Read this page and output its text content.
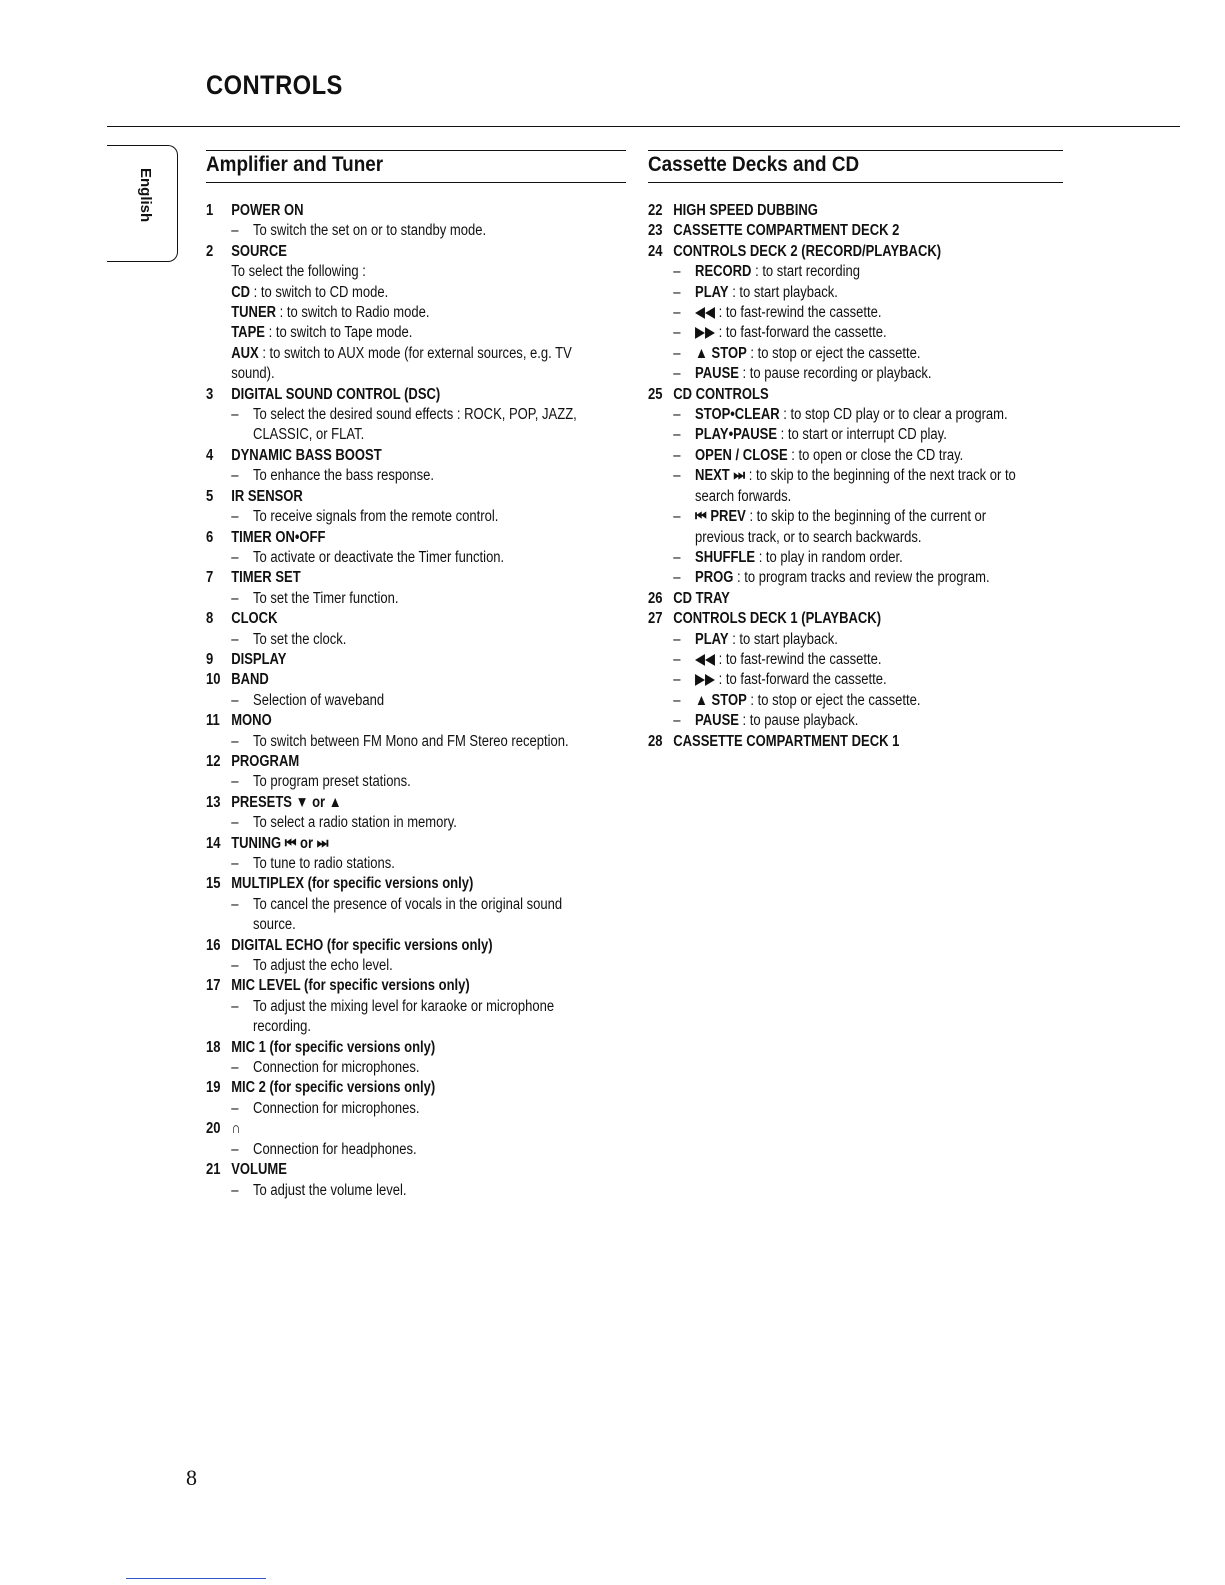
CONTROLS
English
Amplifier and Tuner
1 POWER ON
– To switch the set on or to standby mode.
2 SOURCE
To select the following :
CD : to switch to CD mode.
TUNER : to switch to Radio mode.
TAPE : to switch to Tape mode.
AUX : to switch to AUX mode (for external sources, e.g. TV
sound).
3 DIGITAL SOUND CONTROL (DSC)
– To select the desired sound effects : ROCK, POP, JAZZ,
CLASSIC, or FLAT.
4 DYNAMIC BASS BOOST
– To enhance the bass response.
5 IR SENSOR
– To receive signals from the remote control.
6 TIMER ON•OFF
– To activate or deactivate the Timer function.
7 TIMER SET
– To set the Timer function.
8 CLOCK
– To set the clock.
9 DISPLAY
10 BAND
– Selection of waveband
11 MONO
– To switch between FM Mono and FM Stereo reception.
12 PROGRAM
– To program preset stations.
13 PRESETS ▼ or ▲
– To select a radio station in memory.
14 TUNING ⏮ or ⏭
– To tune to radio stations.
15 MULTIPLEX (for specific versions only)
– To cancel the presence of vocals in the original sound
source.
16 DIGITAL ECHO (for specific versions only)
– To adjust the echo level.
17 MIC LEVEL (for specific versions only)
– To adjust the mixing level for karaoke or microphone
recording.
18 MIC 1 (for specific versions only)
– Connection for microphones.
19 MIC 2 (for specific versions only)
– Connection for microphones.
20 ∩
– Connection for headphones.
21 VOLUME
– To adjust the volume level.
Cassette Decks and CD
22 HIGH SPEED DUBBING
23 CASSETTE COMPARTMENT DECK 2
24 CONTROLS DECK 2 (RECORD/PLAYBACK)
– RECORD : to start recording
– PLAY : to start playback.
– ◀◀ : to fast-rewind the cassette.
– ▶▶ : to fast-forward the cassette.
– ▲ STOP : to stop or eject the cassette.
– PAUSE : to pause recording or playback.
25 CD CONTROLS
– STOP•CLEAR : to stop CD play or to clear a program.
– PLAY•PAUSE : to start or interrupt CD play.
– OPEN / CLOSE : to open or close the CD tray.
– NEXT ⏭ : to skip to the beginning of the next track or to
search forwards.
– ⏮ PREV : to skip to the beginning of the current or
previous track, or to search backwards.
– SHUFFLE : to play in random order.
– PROG : to program tracks and review the program.
26 CD TRAY
27 CONTROLS DECK 1 (PLAYBACK)
– PLAY : to start playback.
– ◀◀ : to fast-rewind the cassette.
– ▶▶ : to fast-forward the cassette.
– ▲ STOP : to stop or eject the cassette.
– PAUSE : to pause playback.
28 CASSETTE COMPARTMENT DECK 1
8
